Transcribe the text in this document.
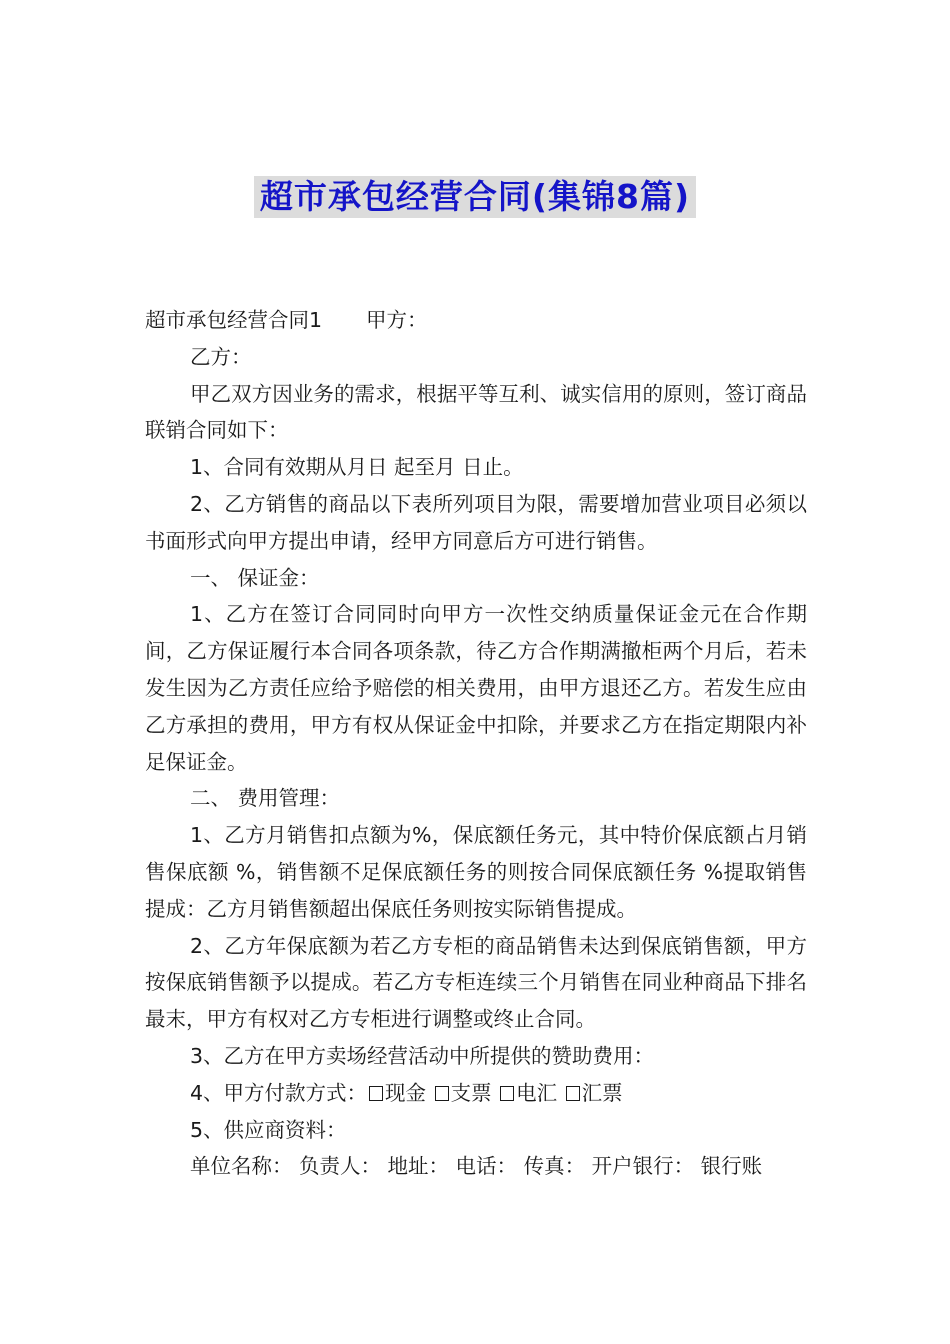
超市承包经营合同(集锦8篇)

超市承包经营合同1 甲方：

乙方：

甲乙双方因业务的需求，根据平等互利、诚实信用的原则，签订商品联销合同如下：

1、合同有效期从月日 起至月 日止。

2、乙方销售的商品以下表所列项目为限，需要增加营业项目必须以书面形式向甲方提出申请，经甲方同意后方可进行销售。

一、 保证金：

1、乙方在签订合同同时向甲方一次性交纳质量保证金元在合作期间，乙方保证履行本合同各项条款，待乙方合作期满撤柜两个月后，若未发生因为乙方责任应给予赔偿的相关费用，由甲方退还乙方。若发生应由乙方承担的费用，甲方有权从保证金中扣除，并要求乙方在指定期限内补足保证金。

二、 费用管理：

1、乙方月销售扣点额为%，保底额任务元，其中特价保底额占月销售保底额 %，销售额不足保底额任务的则按合同保底额任务 %提取销售提成：乙方月销售额超出保底任务则按实际销售提成。

2、乙方年保底额为若乙方专柜的商品销售未达到保底销售额，甲方按保底销售额予以提成。若乙方专柜连续三个月销售在同业种商品下排名最末，甲方有权对乙方专柜进行调整或终止合同。

3、乙方在甲方卖场经营活动中所提供的赞助费用：

4、甲方付款方式： 现金 支票 电汇 汇票

5、供应商资料：

单位名称： 负责人： 地址： 电话： 传真： 开户银行： 银行账
